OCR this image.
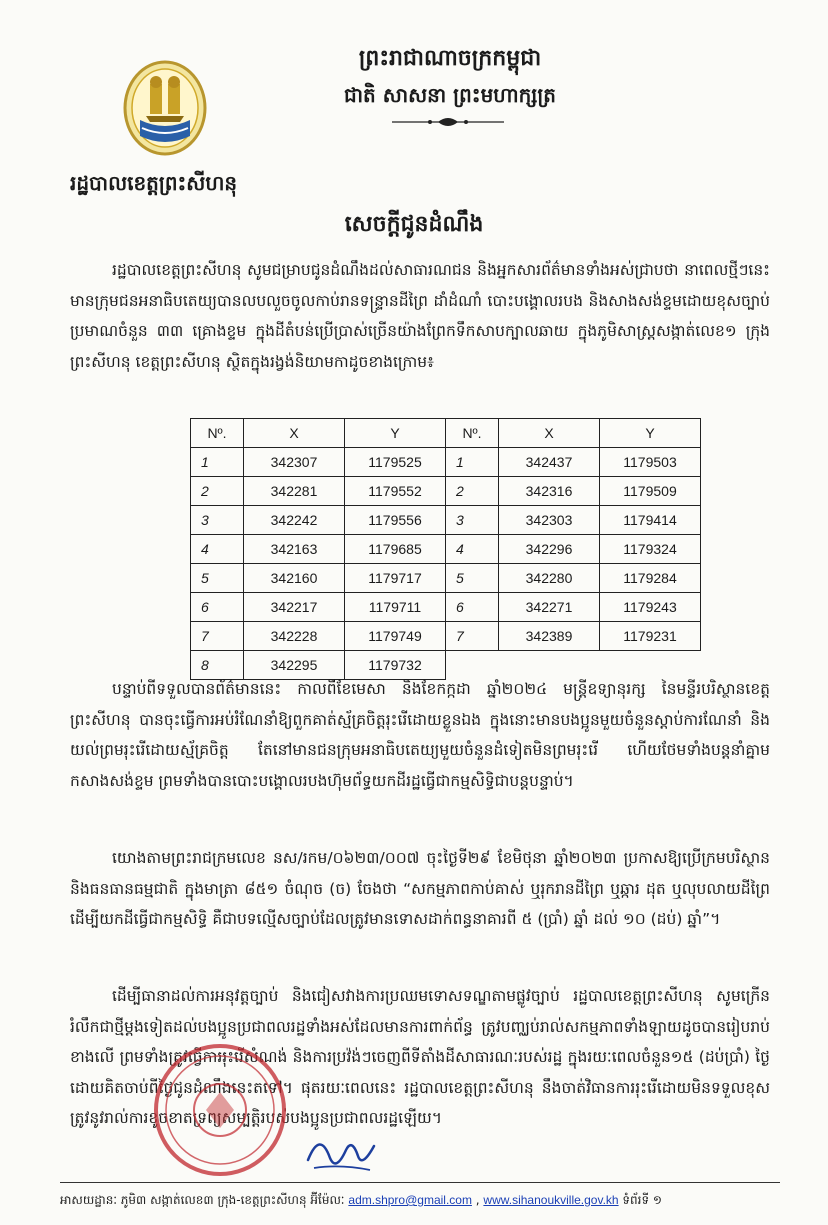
ព្រះរាជាណាចក្រកម្ពុជា
ជាតិ សាសនា ព្រះមហាក្សត្រ
រដ្ឋបាលខេត្តព្រះសីហនុ
សេចក្តីជូនដំណឹង

រដ្ឋបាលខេត្តព្រះសីហនុ សូមជម្រាបជូនដំណឹងដល់សាធារណជន និងអ្នកសារព័ត៌មានទាំងអស់ជ្រាបថា នាពេលថ្មីៗនេះ មានក្រុមជនអនាធិបតេយ្យបានលបលួចចូលកាប់រានទន្ទ្រានដីព្រៃ ដាំដំណាំ បោះបង្គោលរបង និងសាងសង់ខ្ទមដោយខុសច្បាប់ប្រមាណចំនួន ៣៣ គ្រោងខ្ទម ក្នុងដីតំបន់ប្រើប្រាស់ច្រើនយ៉ាងព្រែកទឹកសាបក្បាលឆាយ ក្នុងភូមិសាស្ត្រសង្កាត់លេខ១ ក្រុងព្រះសីហនុ ខេត្តព្រះសីហនុ ស្ថិតក្នុងរង្វង់និយាមកាដូចខាងក្រោម៖

Nº.	X	Y	Nº.	X	Y
1	342307	1179525	1	342437	1179503
2	342281	1179552	2	342316	1179509
3	342242	1179556	3	342303	1179414
4	342163	1179685	4	342296	1179324
5	342160	1179717	5	342280	1179284
6	342217	1179711	6	342271	1179243
7	342228	1179749	7	342389	1179231
8	342295	1179732			

បន្ទាប់ពីទទួលបានព័ត៌មាននេះ កាលពីខែមេសា និងខែកក្កដា ឆ្នាំ២០២៤ មន្ត្រីឧទ្យានុរក្ស នៃមន្ទីរបរិស្ថានខេត្តព្រះសីហនុ បានចុះធ្វើការអប់រំណែនាំឱ្យពួកគាត់ស្ម័គ្រចិត្តរុះរើដោយខ្លួនឯង ក្នុងនោះមានបងប្អូនមួយចំនួនស្តាប់ការណែនាំ និងយល់ព្រមរុះរើដោយស្ម័គ្រចិត្ត តែនៅមានជនក្រុមអនាធិបតេយ្យមួយចំនួនដំទៀតមិនព្រមរុះរើ ហើយថែមទាំងបន្តនាំគ្នាមកសាងសង់ខ្ទម ព្រមទាំងបានបោះបង្គោលរបងហ៊ុមព័ទ្ធយកដីរដ្ឋធ្វើជាកម្មសិទ្ធិជាបន្តបន្ទាប់។

យោងតាមព្រះរាជក្រមលេខ នស/រកម/០៦២៣/០០៧ ចុះថ្ងៃទី២៩ ខែមិថុនា ឆ្នាំ២០២៣ ប្រកាសឱ្យប្រើក្រមបរិស្ថាន និងធនធានធម្មជាតិ ក្នុងមាត្រា ៨៥១ ចំណុច (ច) ចែងថា “សកម្មភាពកាប់គាស់ ឬរុករានដីព្រៃ ឬឆ្ការ ដុត ឬលុបលាយដីព្រៃ ដើម្បីយកដីធ្វើជាកម្មសិទ្ធិ គឺជាបទល្មើសច្បាប់ដែលត្រូវមានទោសដាក់ពន្ធនាគារពី ៥ (ប្រាំ) ឆ្នាំ ដល់ ១០ (ដប់) ឆ្នាំ”។

ដើម្បីធានាដល់ការអនុវត្តច្បាប់ និងជៀសវាងការប្រឈមទោសទណ្ឌតាមផ្លូវច្បាប់ រដ្ឋបាលខេត្តព្រះសីហនុ សូមក្រើនរំលឹកជាថ្មីម្តងទៀតដល់បងប្អូនប្រជាពលរដ្ឋទាំងអស់ដែលមានការពាក់ព័ន្ធ ត្រូវបញ្ឈប់រាល់សកម្មភាពទាំងឡាយដូចបានរៀបរាប់ខាងលើ ព្រមទាំងត្រូវធ្វើការរុះរើសំណង់ និងការប្រវ៉ង់ៗចេញពីទីតាំងដីសាធារណៈរបស់រដ្ឋ ក្នុងរយៈពេលចំនួន១៥ (ដប់ប្រាំ) ថ្ងៃ ដោយគិតចាប់ពីថ្ងៃជូនដំណឹងនេះតទៅ។ ផុតរយៈពេលនេះ រដ្ឋបាលខេត្តព្រះសីហនុ នឹងចាត់វិធានការរុះរើដោយមិនទទួលខុសត្រូវនូវរាល់ការខូចខាតទ្រព្យសម្បត្តិរបស់បងប្អូនប្រជាពលរដ្ឋឡើយ។

អាសយដ្ឋានៈ ភូមិ៣ សង្កាត់លេខ៣ ក្រុង-ខេត្តព្រះសីហនុ អ៊ីម៉ែលៈ adm.shpro@gmail.com , www.sihanoukville.gov.kh ទំព័រទី ១
